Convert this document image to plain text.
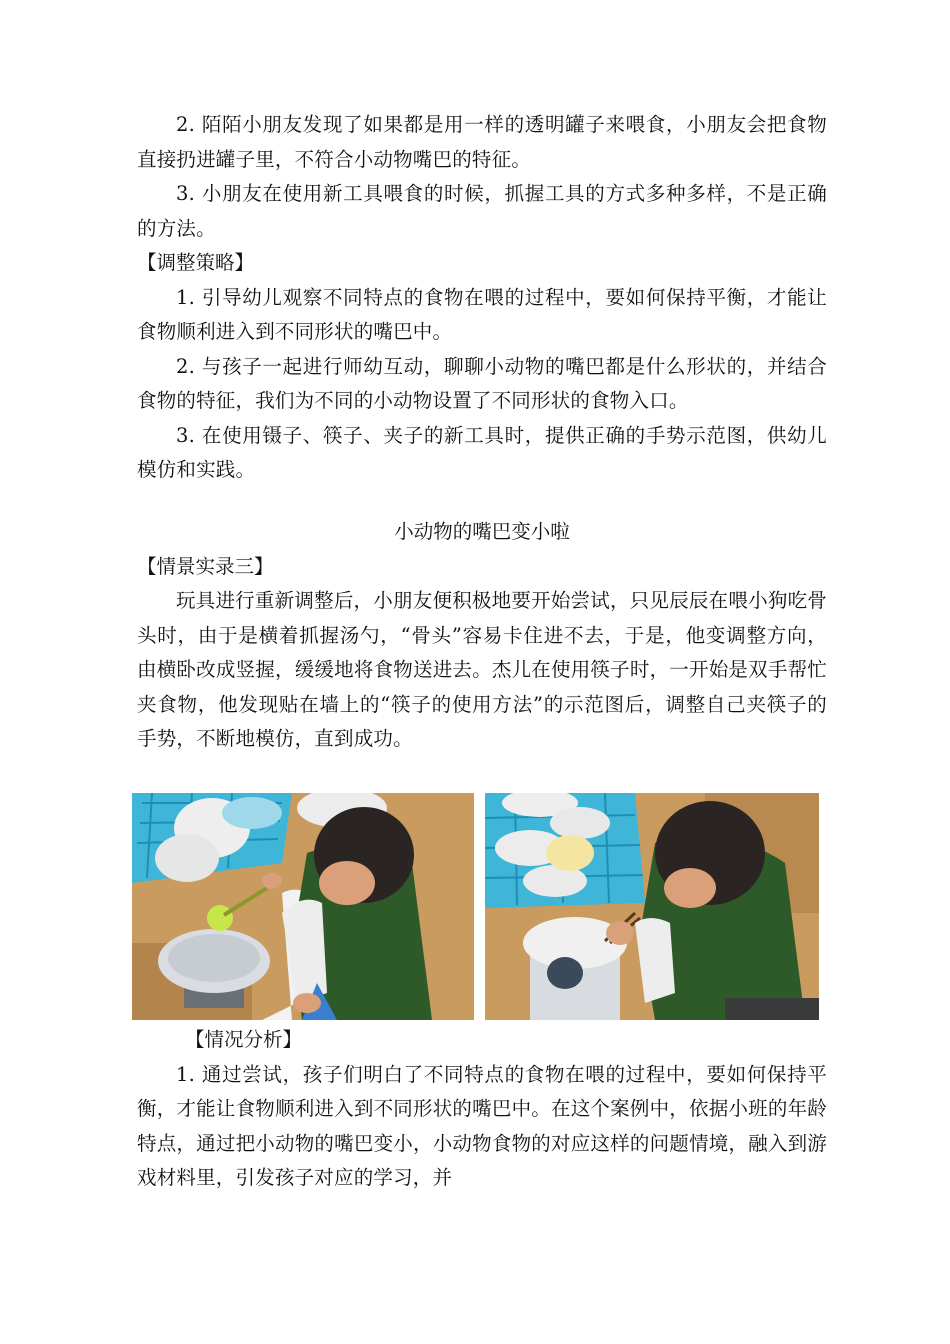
2. 陌陌小朋友发现了如果都是用一样的透明罐子来喂食，小朋友会把食物直接扔进罐子里，不符合小动物嘴巴的特征。

3. 小朋友在使用新工具喂食的时候，抓握工具的方式多种多样，不是正确的方法。

【调整策略】

1. 引导幼儿观察不同特点的食物在喂的过程中，要如何保持平衡，才能让食物顺利进入到不同形状的嘴巴中。

2. 与孩子一起进行师幼互动，聊聊小动物的嘴巴都是什么形状的，并结合食物的特征，我们为不同的小动物设置了不同形状的食物入口。

3. 在使用镊子、筷子、夹子的新工具时，提供正确的手势示范图，供幼儿模仿和实践。

小动物的嘴巴变小啦

【情景实录三】

玩具进行重新调整后，小朋友便积极地要开始尝试，只见辰辰在喂小狗吃骨头时，由于是横着抓握汤勺，“骨头”容易卡住进不去，于是，他变调整方向，由横卧改成竖握，缓缓地将食物送进去。杰儿在使用筷子时，一开始是双手帮忙夹食物，他发现贴在墙上的“筷子的使用方法”的示范图后，调整自己夹筷子的手势，不断地模仿，直到成功。

【情况分析】

1. 通过尝试，孩子们明白了不同特点的食物在喂的过程中，要如何保持平衡，才能让食物顺利进入到不同形状的嘴巴中。在这个案例中，依据小班的年龄特点，通过把小动物的嘴巴变小，小动物食物的对应这样的问题情境，融入到游戏材料里，引发孩子对应的学习，并
